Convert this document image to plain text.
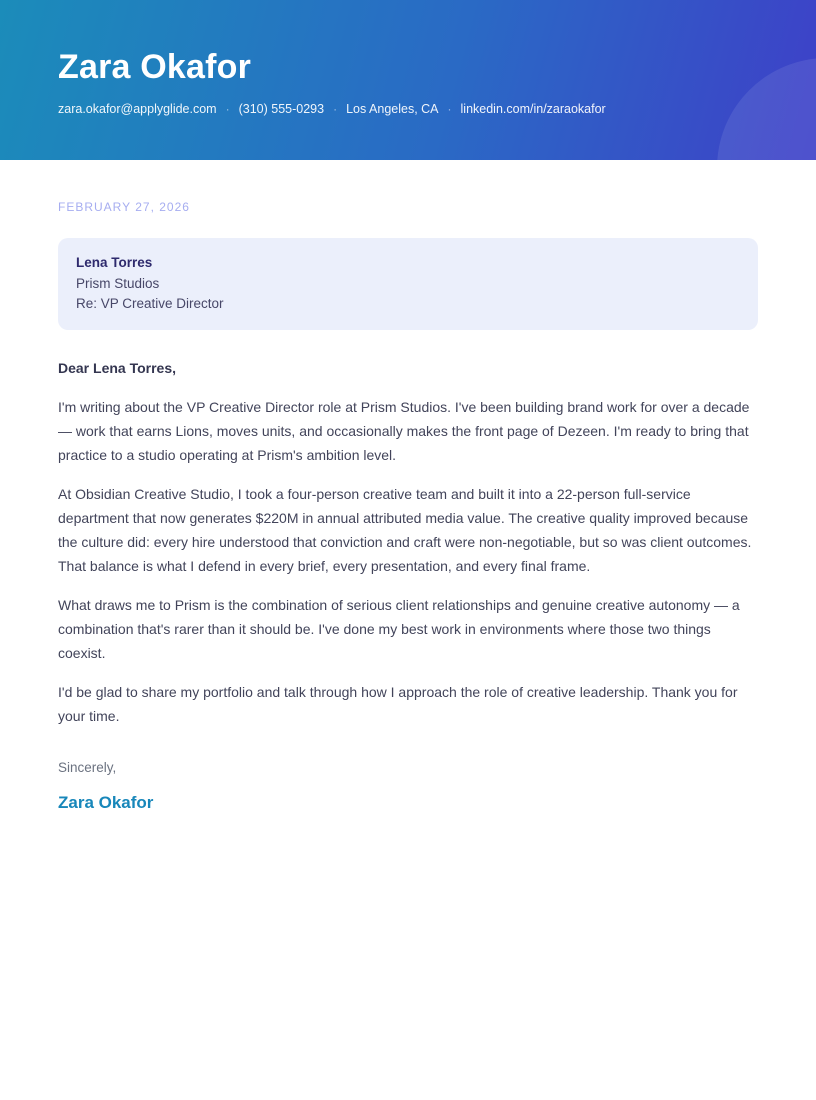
Zara Okafor
zara.okafor@applyglide.com · (310) 555-0293 · Los Angeles, CA · linkedin.com/in/zaraokafor
FEBRUARY 27, 2026
Lena Torres
Prism Studios
Re: VP Creative Director

Dear Lena Torres,

I'm writing about the VP Creative Director role at Prism Studios. I've been building brand work for over a decade — work that earns Lions, moves units, and occasionally makes the front page of Dezeen. I'm ready to bring that practice to a studio operating at Prism's ambition level.

At Obsidian Creative Studio, I took a four-person creative team and built it into a 22-person full-service department that now generates $220M in annual attributed media value. The creative quality improved because the culture did: every hire understood that conviction and craft were non-negotiable, but so was client outcomes. That balance is what I defend in every brief, every presentation, and every final frame.

What draws me to Prism is the combination of serious client relationships and genuine creative autonomy — a combination that's rarer than it should be. I've done my best work in environments where those two things coexist.

I'd be glad to share my portfolio and talk through how I approach the role of creative leadership. Thank you for your time.

Sincerely,

Zara Okafor
